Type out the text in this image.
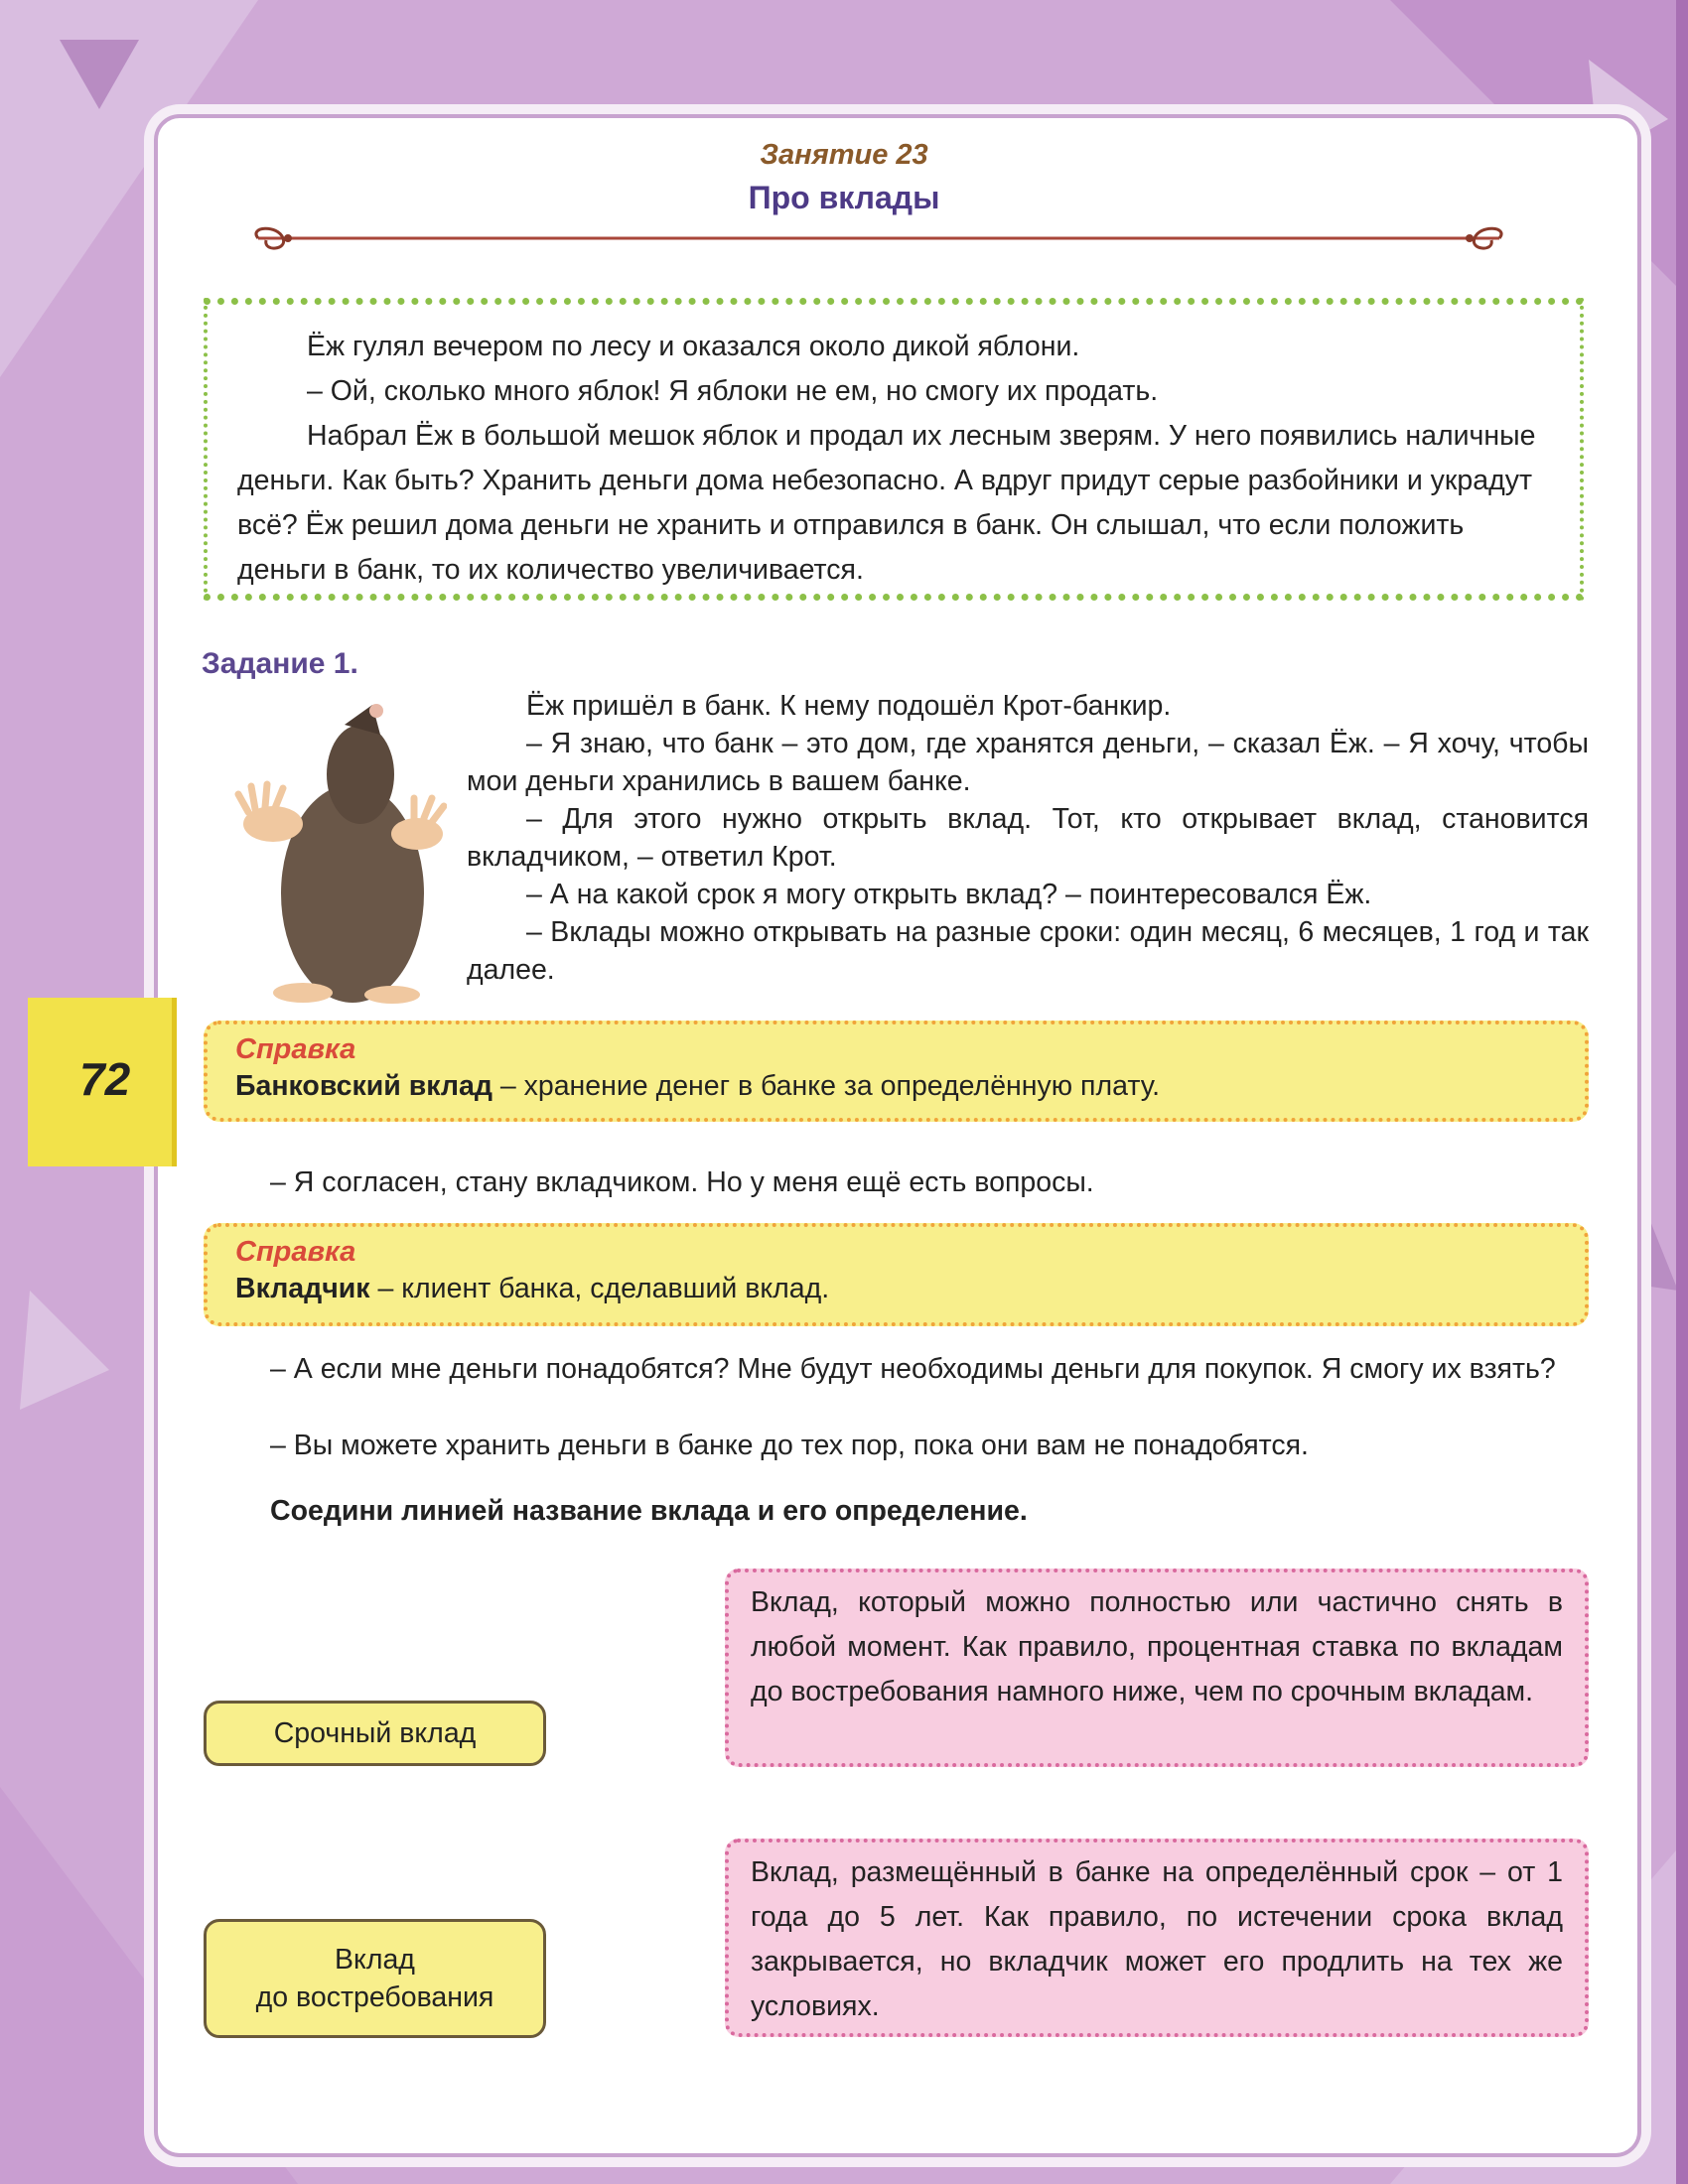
Занятие 23
Про вклады

Ёж гулял вечером по лесу и оказался около дикой яблони.

– Ой, сколько много яблок! Я яблоки не ем, но смогу их продать.

Набрал Ёж в большой мешок яблок и продал их лесным зверям. У него появились наличные деньги. Как быть? Хранить деньги дома небезопасно. А вдруг придут серые разбойники и украдут всё? Ёж решил дома деньги не хранить и отправился в банк. Он слышал, что если положить деньги в банк, то их количество увеличивается.

Задание 1.

Ёж пришёл в банк. К нему подошёл Крот-банкир.

– Я знаю, что банк – это дом, где хранятся деньги, – сказал Ёж. – Я хочу, чтобы мои деньги хранились в вашем банке.

– Для этого нужно открыть вклад. Тот, кто открывает вклад, становится вкладчиком, – ответил Крот.

– А на какой срок я могу открыть вклад? – поинтересовался Ёж.

– Вклады можно открывать на разные сроки: один месяц, 6 месяцев, 1 год и так далее.

72
Справка
Банковский вклад – хранение денег в банке за определённую плату.
– Я согласен, стану вкладчиком. Но у меня ещё есть вопросы.
Справка
Вкладчик – клиент банка, сделавший вклад.
– А если мне деньги понадобятся? Мне будут необходимы деньги для покупок. Я смогу их взять?
– Вы можете хранить деньги в банке до тех пор, пока они вам не понадобятся.
Соедини линией название вклада и его определение.
Срочный вклад
Вклад
до востребования
Вклад, который можно полностью или частично снять в любой момент. Как правило, процентная ставка по вкладам до востребования намного ниже, чем по срочным вкладам.
Вклад, размещённый в банке на определённый срок – от 1 года до 5 лет. Как правило, по истечении срока вклад закрывается, но вкладчик может его продлить на тех же условиях.
